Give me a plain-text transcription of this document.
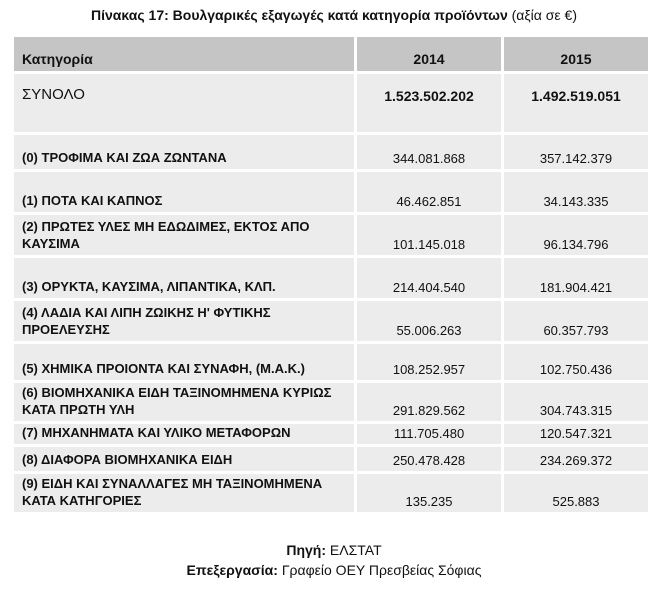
Πίνακας 17: Βουλγαρικές εξαγωγές κατά κατηγορία προϊόντων (αξία σε €)
Κατηγορία	2014	2015
ΣΥΝΟΛΟ	1.523.502.202	1.492.519.051
(0) ΤΡΟΦΙΜΑ ΚΑΙ ΖΩΑ ΖΩΝΤΑΝΑ	344.081.868	357.142.379
(1) ΠΟΤΑ ΚΑΙ ΚΑΠΝΟΣ	46.462.851	34.143.335
(2) ΠΡΩΤΕΣ ΥΛΕΣ ΜΗ ΕΔΩΔΙΜΕΣ, ΕΚΤΟΣ ΑΠΟ ΚΑΥΣΙΜΑ	101.145.018	96.134.796
(3) ΟΡΥΚΤΑ, ΚΑΥΣΙΜΑ, ΛΙΠΑΝΤΙΚΑ, ΚΛΠ.	214.404.540	181.904.421
(4) ΛΑΔΙΑ ΚΑΙ ΛΙΠΗ ΖΩΙΚΗΣ Η' ΦΥΤΙΚΗΣ ΠΡΟΕΛΕΥΣΗΣ	55.006.263	60.357.793
(5) ΧΗΜΙΚΑ ΠΡΟΙΟΝΤΑ ΚΑΙ ΣΥΝΑΦΗ, (Μ.Α.Κ.)	108.252.957	102.750.436
(6) ΒΙΟΜΗΧΑΝΙΚΑ ΕΙΔΗ ΤΑΞΙΝΟΜΗΜΕΝΑ ΚΥΡΙΩΣ ΚΑΤΑ ΠΡΩΤΗ ΥΛΗ	291.829.562	304.743.315
(7) ΜΗΧΑΝΗΜΑΤΑ ΚΑΙ ΥΛΙΚΟ ΜΕΤΑΦΟΡΩΝ	111.705.480	120.547.321
(8) ΔΙΑΦΟΡΑ ΒΙΟΜΗΧΑΝΙΚΑ ΕΙΔΗ	250.478.428	234.269.372
(9) ΕΙΔΗ ΚΑΙ ΣΥΝΑΛΛΑΓΕΣ ΜΗ ΤΑΞΙΝΟΜΗΜΕΝΑ ΚΑΤΑ ΚΑΤΗΓΟΡΙΕΣ	135.235	525.883
Πηγή: ΕΛΣΤΑΤ
Επεξεργασία: Γραφείο ΟΕΥ Πρεσβείας Σόφιας
